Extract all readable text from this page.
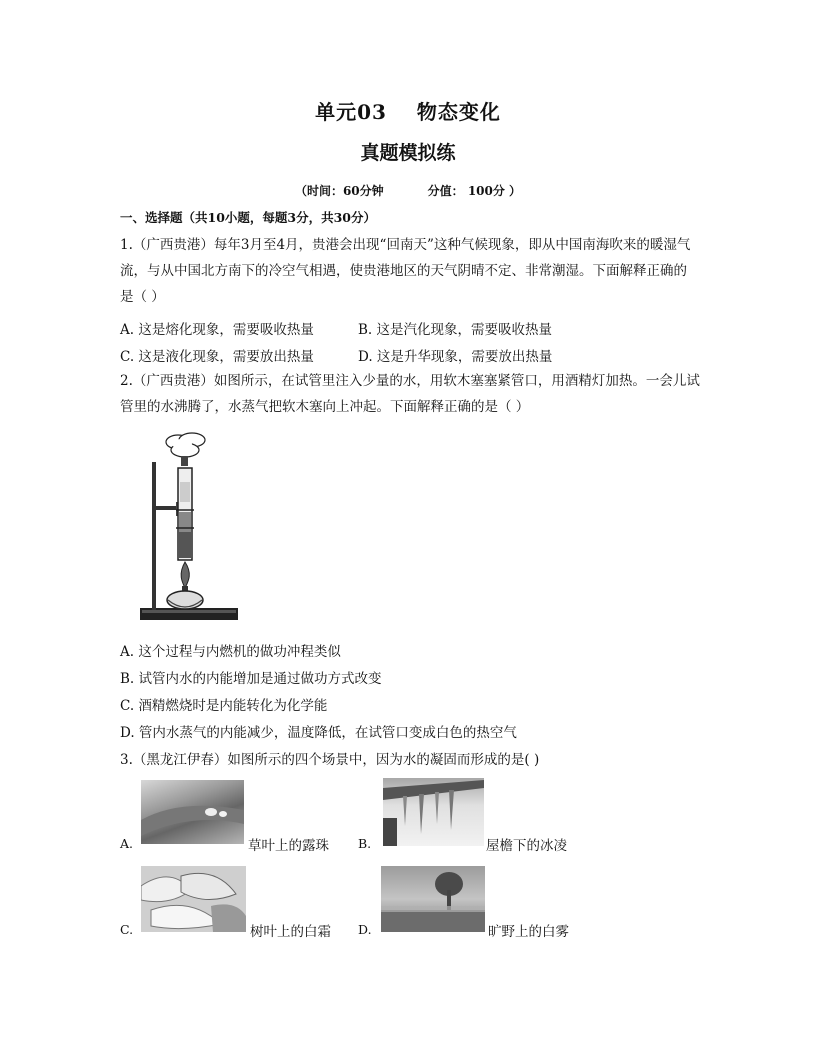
单元03 物态变化
真题模拟练
（时间：60分钟	分值： 100分 ）
一、选择题（共10小题，每题3分，共30分）
1.（广西贵港）每年3月至4月，贵港会出现“回南天”这种气候现象，即从中国南海吹来的暖湿气流，与从中国北方南下的冷空气相遇，使贵港地区的天气阴晴不定、非常潮湿。下面解释正确的是（ ）
A. 这是熔化现象，需要吸收热量	B. 这是汽化现象，需要吸收热量
C. 这是液化现象，需要放出热量	D. 这是升华现象，需要放出热量
2.（广西贵港）如图所示，在试管里注入少量的水，用软木塞塞紧管口，用酒精灯加热。一会儿试管里的水沸腾了，水蒸气把软木塞向上冲起。下面解释正确的是（ ）
A. 这个过程与内燃机的做功冲程类似
B. 试管内水的内能增加是通过做功方式改变
C. 酒精燃烧时是内能转化为化学能
D. 管内水蒸气的内能减少，温度降低，在试管口变成白色的热空气
3.（黑龙江伊春）如图所示的四个场景中，因为水的凝固而形成的是( )
A.	草叶上的露珠 B.	屋檐下的冰凌
C.	树叶上的白霜 D.	旷野上的白雾
